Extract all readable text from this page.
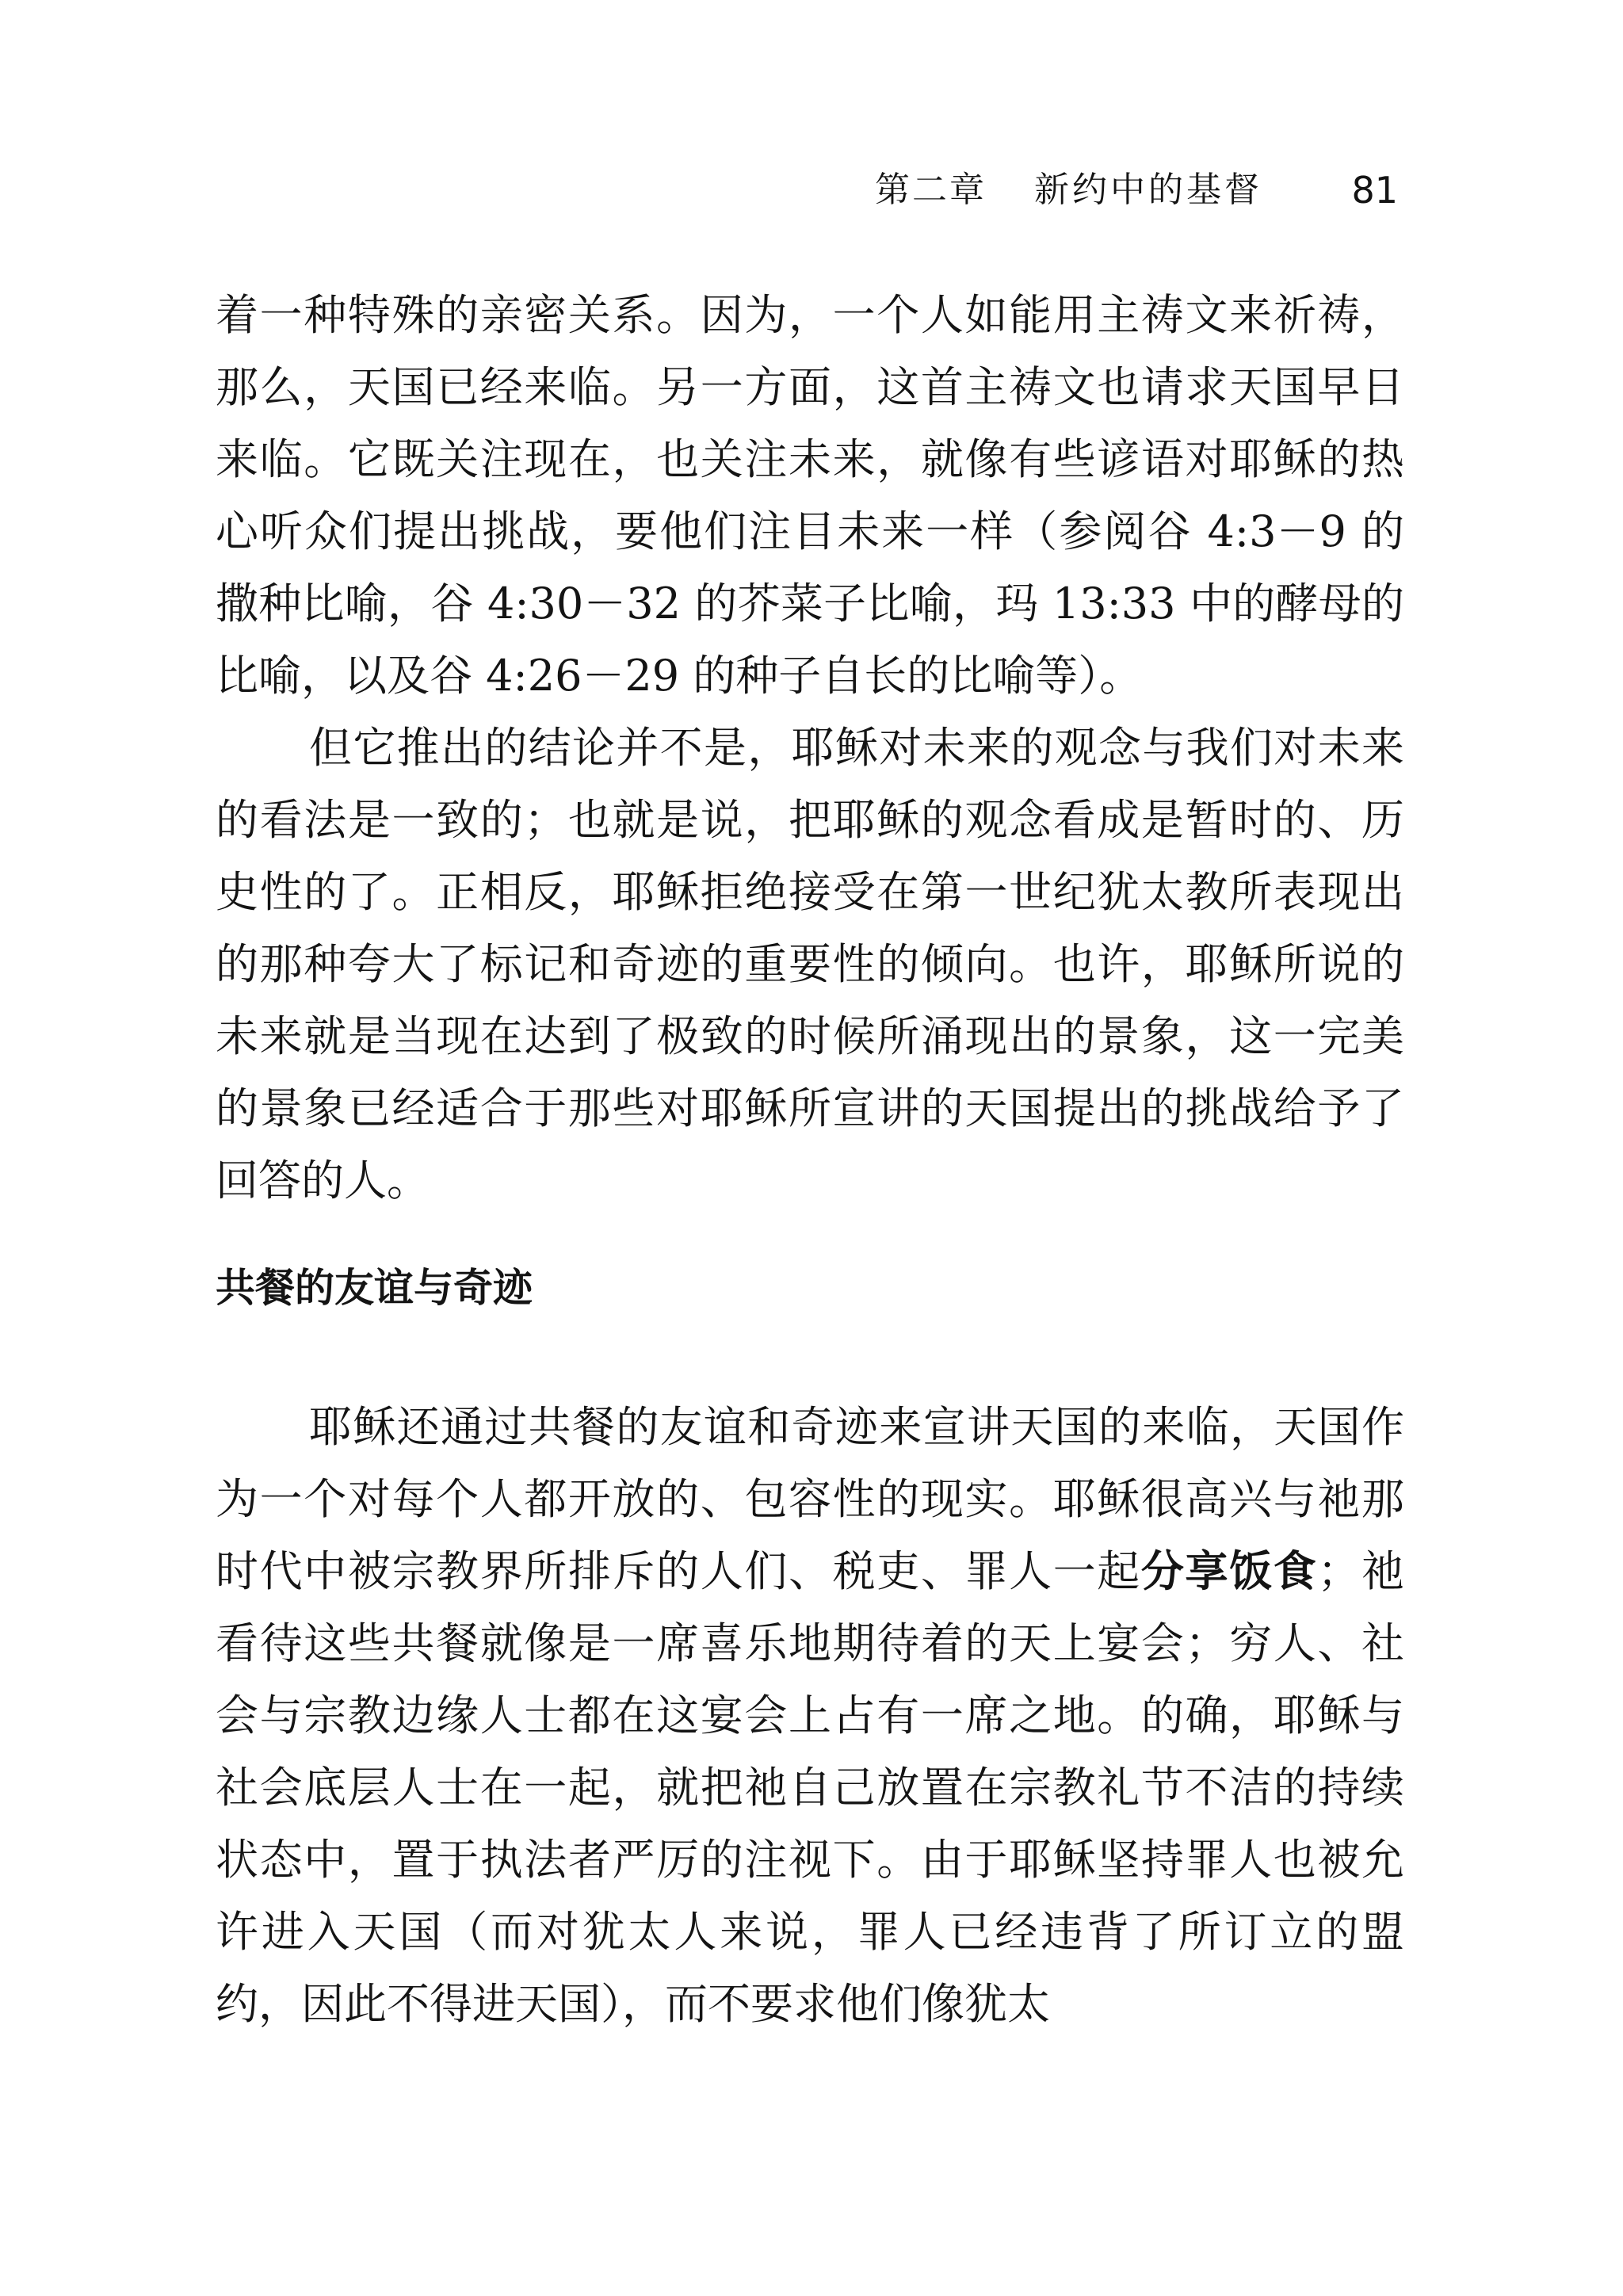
第二章 新约中的基督 81

着一种特殊的亲密关系。因为，一个人如能用主祷文来祈祷，那么，天国已经来临。另一方面，这首主祷文也请求天国早日来临。它既关注现在，也关注未来，就像有些谚语对耶稣的热心听众们提出挑战，要他们注目未来一样（参阅谷 4:3－9 的撒种比喻，谷 4:30－32 的芥菜子比喻，玛 13:33 中的酵母的比喻，以及谷 4:26－29 的种子自长的比喻等）。

但它推出的结论并不是，耶稣对未来的观念与我们对未来的看法是一致的；也就是说，把耶稣的观念看成是暂时的、历史性的了。正相反，耶稣拒绝接受在第一世纪犹太教所表现出的那种夸大了标记和奇迹的重要性的倾向。也许，耶稣所说的未来就是当现在达到了极致的时候所涌现出的景象，这一完美的景象已经适合于那些对耶稣所宣讲的天国提出的挑战给予了回答的人。

共餐的友谊与奇迹

耶稣还通过共餐的友谊和奇迹来宣讲天国的来临，天国作为一个对每个人都开放的、包容性的现实。耶稣很高兴与祂那时代中被宗教界所排斥的人们、税吏、罪人一起分享饭食；祂看待这些共餐就像是一席喜乐地期待着的天上宴会；穷人、社会与宗教边缘人士都在这宴会上占有一席之地。的确，耶稣与社会底层人士在一起，就把祂自己放置在宗教礼节不洁的持续状态中，置于执法者严厉的注视下。由于耶稣坚持罪人也被允许进入天国（而对犹太人来说，罪人已经违背了所订立的盟约，因此不得进天国），而不要求他们像犹太
